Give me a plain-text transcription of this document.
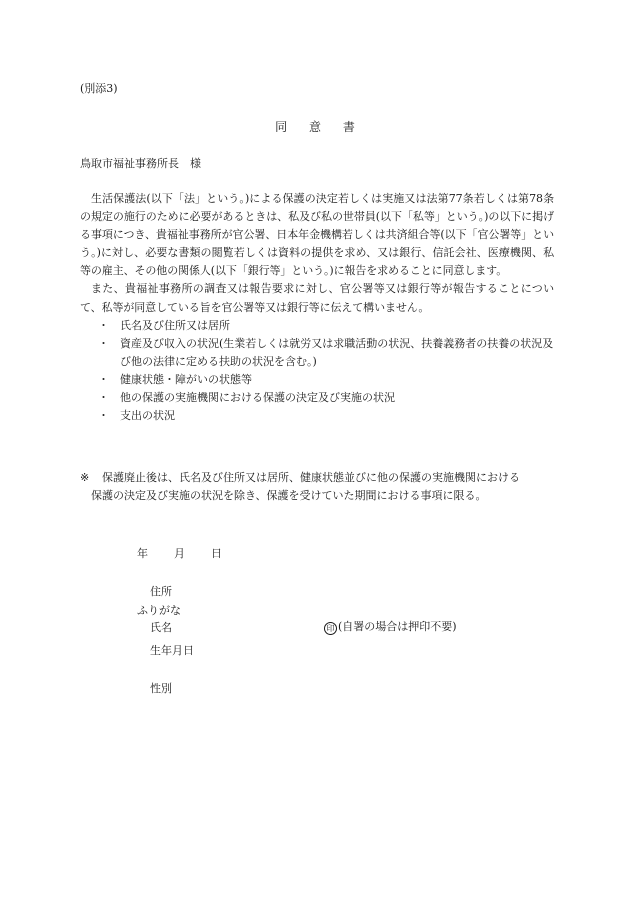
(別添3)
同 意 書
鳥取市福祉事務所長　様

生活保護法(以下「法」という。)による保護の決定若しくは実施又は法第77条若しくは第78条の規定の施行のために必要があるときは、私及び私の世帯員(以下「私等」という。)の以下に掲げる事項につき、貴福祉事務所が官公署、日本年金機構若しくは共済組合等(以下「官公署等」という。)に対し、必要な書類の閲覧若しくは資料の提供を求め、又は銀行、信託会社、医療機関、私等の雇主、その他の関係人(以下「銀行等」という。)に報告を求めることに同意します。

また、貴福祉事務所の調査又は報告要求に対し、官公署等又は銀行等が報告することについて、私等が同意している旨を官公署等又は銀行等に伝えて構いません。

・ 氏名及び住所又は居所
・ 資産及び収入の状況(生業若しくは就労又は求職活動の状況、扶養義務者の扶養の状況及び他の法律に定める扶助の状況を含む。)
・ 健康状態・障がいの状態等
・ 他の保護の実施機関における保護の決定及び実施の状況
・ 支出の状況
※ 保護廃止後は、氏名及び住所又は居所、健康状態並びに他の保護の実施機関における
保護の決定及び実施の状況を除き、保護を受けていた期間における事項に限る。
年 月 日
住所
ふりがな
氏名	印 (自署の場合は押印不要)
生年月日
性別
